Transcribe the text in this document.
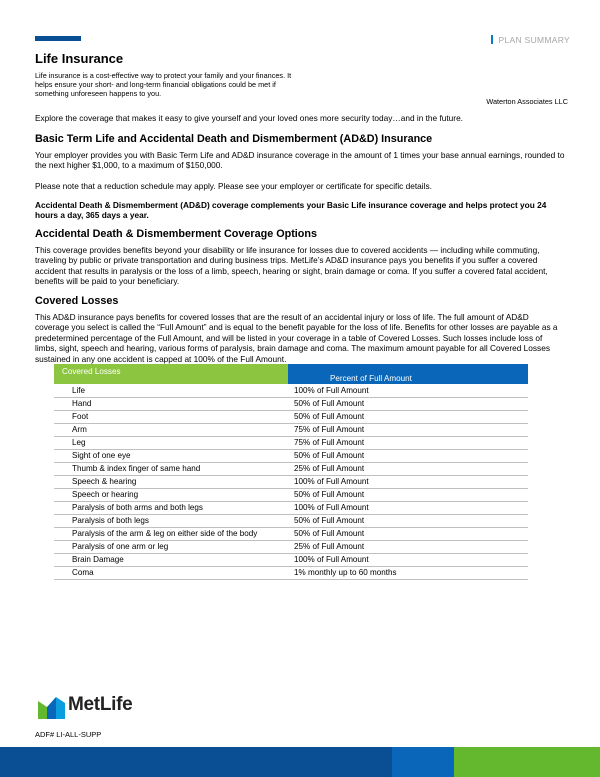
PLAN SUMMARY
Life Insurance
Life insurance is a cost-effective way to protect your family and your finances. It helps ensure your short- and long-term financial obligations could be met if something unforeseen happens to you.
Waterton Associates LLC
Explore the coverage that makes it easy to give yourself and your loved ones more security today…and in the future.
Basic Term Life and Accidental Death and Dismemberment (AD&D) Insurance
Your employer provides you with Basic Term Life and AD&D insurance coverage in the amount of 1 times your base annual earnings, rounded to the next higher $1,000, to a maximum of $150,000.
Please note that a reduction schedule may apply. Please see your employer or certificate for specific details.
Accidental Death & Dismemberment (AD&D) coverage complements your Basic Life insurance coverage and helps protect you 24 hours a day, 365 days a year.
Accidental Death & Dismemberment Coverage Options
This coverage provides benefits beyond your disability or life insurance for losses due to covered accidents — including while commuting, traveling by public or private transportation and during business trips. MetLife’s AD&D insurance pays you benefits if you suffer a covered accident that results in paralysis or the loss of a limb, speech, hearing or sight, brain damage or coma. If you suffer a covered fatal accident, benefits will be paid to your beneficiary.
Covered Losses
This AD&D insurance pays benefits for covered losses that are the result of an accidental injury or loss of life. The full amount of AD&D coverage you select is called the “Full Amount” and is equal to the benefit payable for the loss of life. Benefits for other losses are payable as a predetermined percentage of the Full Amount, and will be listed in your coverage in a table of Covered Losses. Such losses include loss of limbs, sight, speech and hearing, various forms of paralysis, brain damage and coma. The maximum amount payable for all Covered Losses sustained in any one accident is capped at 100% of the Full Amount.
Covered Losses	Percent of Full Amount
Life	100% of Full Amount
Hand	50% of Full Amount
Foot	50% of Full Amount
Arm	75% of Full Amount
Leg	75% of Full Amount
Sight of one eye	50% of Full Amount
Thumb & index finger of same hand	25% of Full Amount
Speech & hearing	100% of Full Amount
Speech or hearing	50% of Full Amount
Paralysis of both arms and both legs	100% of Full Amount
Paralysis of both legs	50% of Full Amount
Paralysis of the arm & leg on either side of the body	50% of Full Amount
Paralysis of one arm or leg	25% of Full Amount
Brain Damage	100% of Full Amount
Coma	1% monthly up to 60 months
MetLife
ADF# LI-ALL-SUPP
